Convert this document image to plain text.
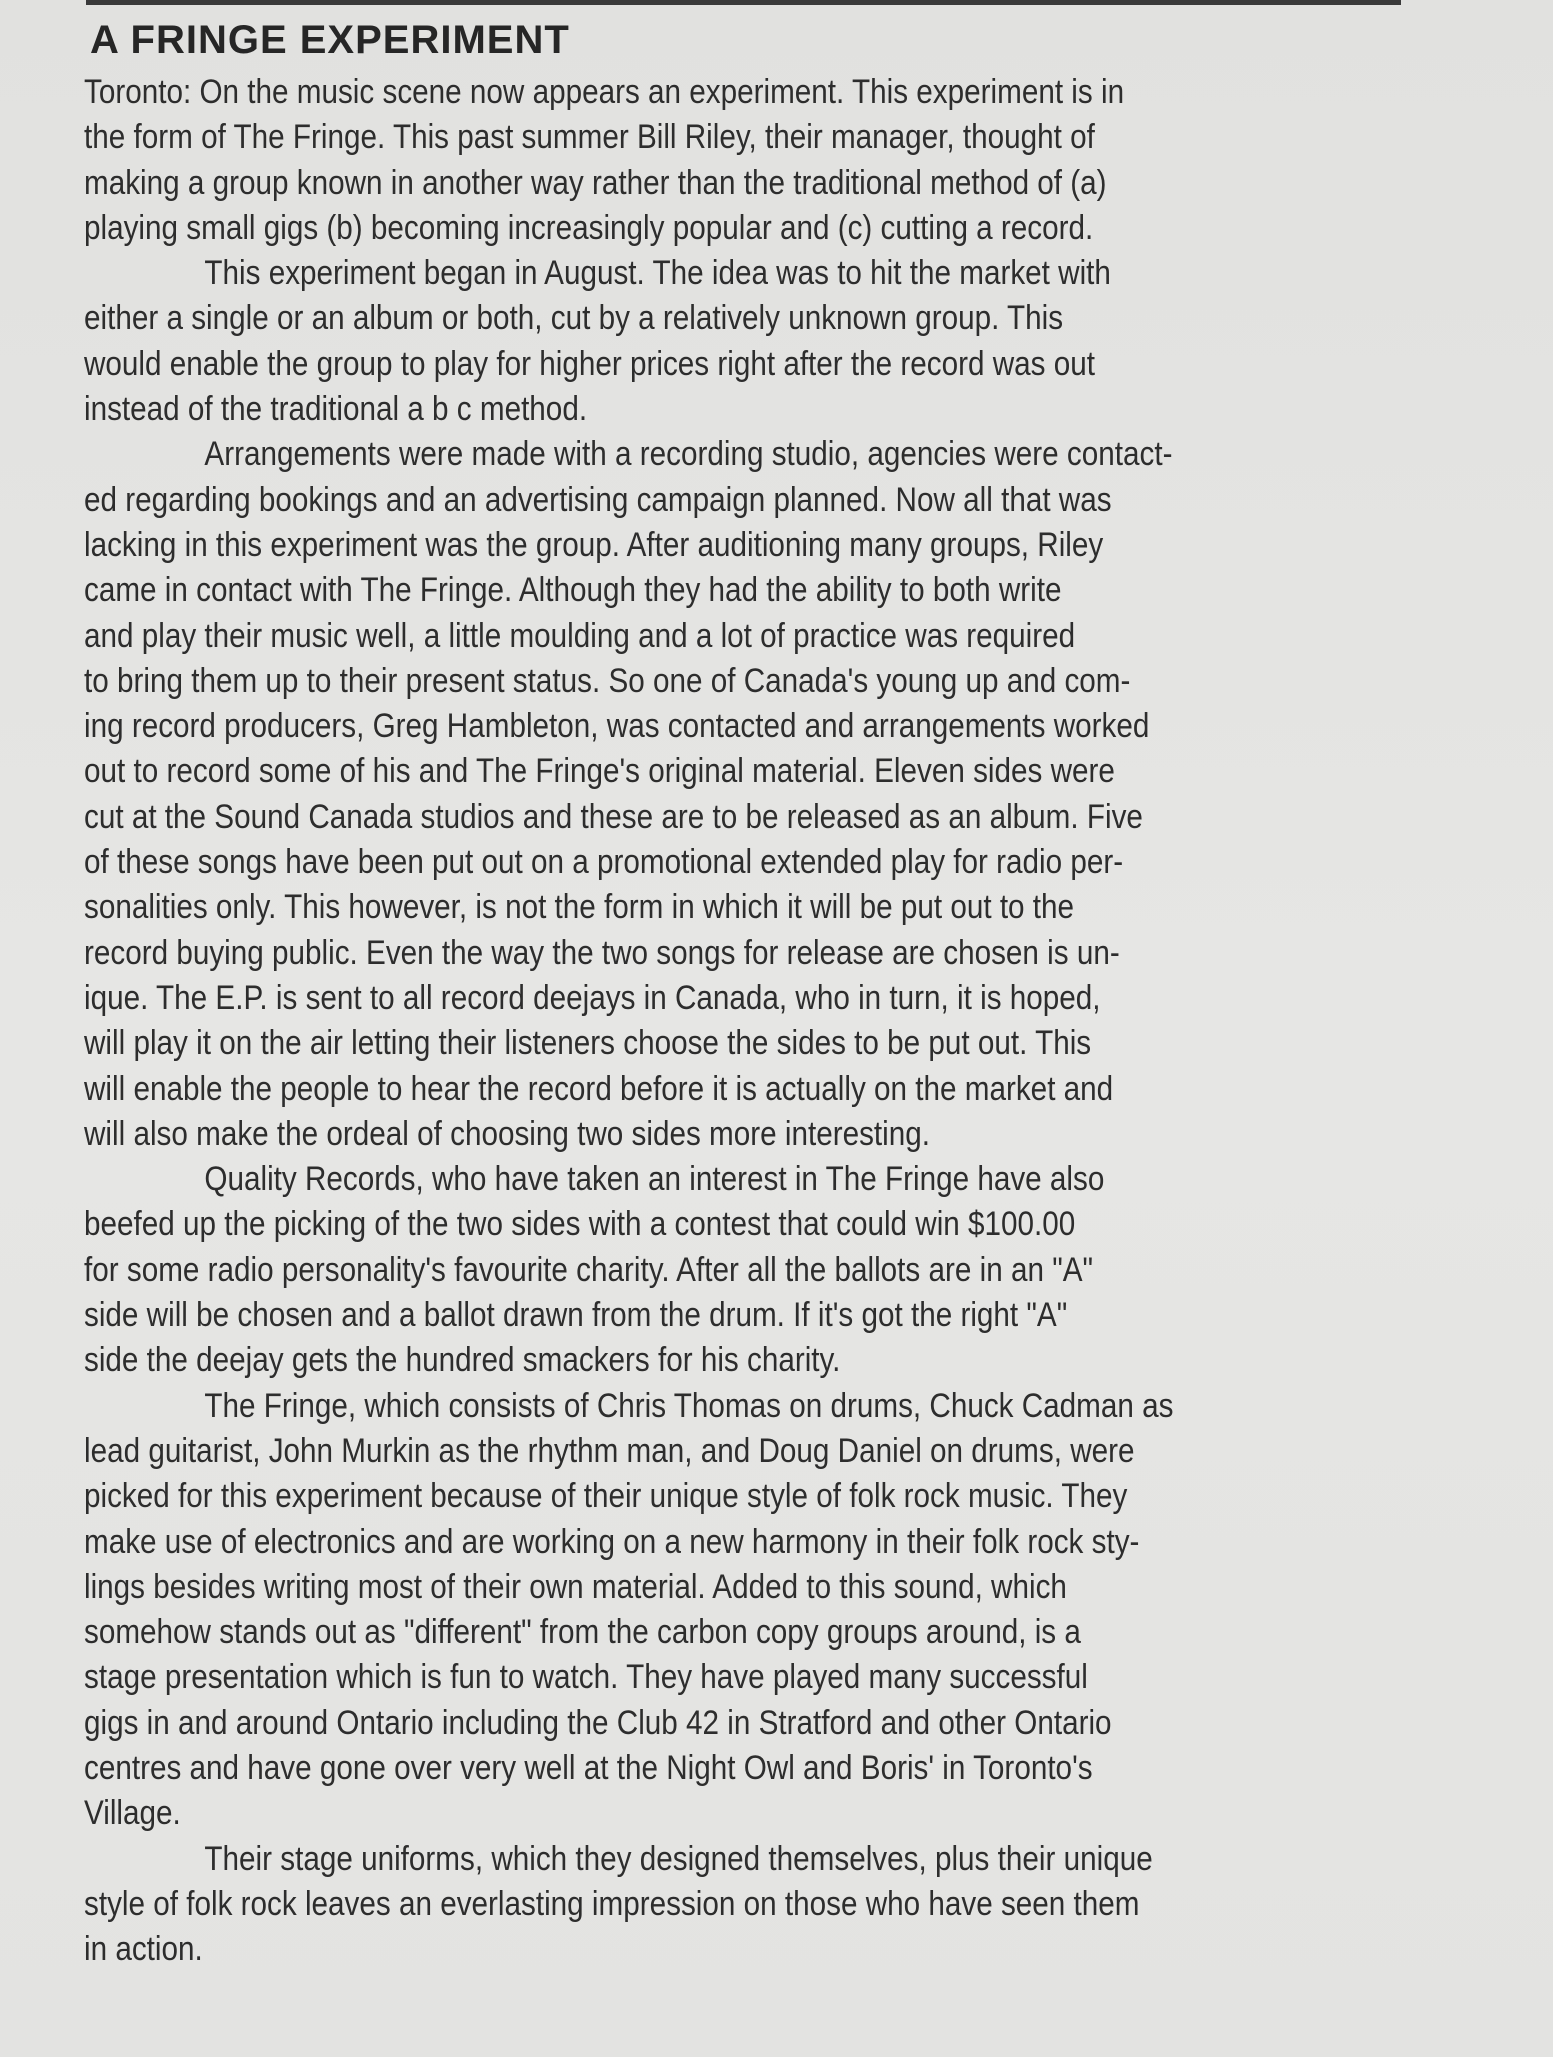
A FRINGE EXPERIMENT
Toronto: On the music scene now appears an experiment. This experiment is in
the form of The Fringe. This past summer Bill Riley, their manager, thought of
making a group known in another way rather than the traditional method of (a)
playing small gigs (b) becoming increasingly popular and (c) cutting a record.
This experiment began in August. The idea was to hit the market with
either a single or an album or both, cut by a relatively unknown group. This
would enable the group to play for higher prices right after the record was out
instead of the traditional a b c method.
Arrangements were made with a recording studio, agencies were contact-
ed regarding bookings and an advertising campaign planned. Now all that was
lacking in this experiment was the group. After auditioning many groups, Riley
came in contact with The Fringe. Although they had the ability to both write
and play their music well, a little moulding and a lot of practice was required
to bring them up to their present status. So one of Canada's young up and com-
ing record producers, Greg Hambleton, was contacted and arrangements worked
out to record some of his and The Fringe's original material. Eleven sides were
cut at the Sound Canada studios and these are to be released as an album. Five
of these songs have been put out on a promotional extended play for radio per-
sonalities only. This however, is not the form in which it will be put out to the
record buying public. Even the way the two songs for release are chosen is un-
ique. The E.P. is sent to all record deejays in Canada, who in turn, it is hoped,
will play it on the air letting their listeners choose the sides to be put out. This
will enable the people to hear the record before it is actually on the market and
will also make the ordeal of choosing two sides more interesting.
Quality Records, who have taken an interest in The Fringe have also
beefed up the picking of the two sides with a contest that could win $100.00
for some radio personality's favourite charity. After all the ballots are in an "A"
side will be chosen and a ballot drawn from the drum. If it's got the right "A"
side the deejay gets the hundred smackers for his charity.
The Fringe, which consists of Chris Thomas on drums, Chuck Cadman as
lead guitarist, John Murkin as the rhythm man, and Doug Daniel on drums, were
picked for this experiment because of their unique style of folk rock music. They
make use of electronics and are working on a new harmony in their folk rock sty-
lings besides writing most of their own material. Added to this sound, which
somehow stands out as "different" from the carbon copy groups around, is a
stage presentation which is fun to watch. They have played many successful
gigs in and around Ontario including the Club 42 in Stratford and other Ontario
centres and have gone over very well at the Night Owl and Boris' in Toronto's
Village.
Their stage uniforms, which they designed themselves, plus their unique
style of folk rock leaves an everlasting impression on those who have seen them
in action.
